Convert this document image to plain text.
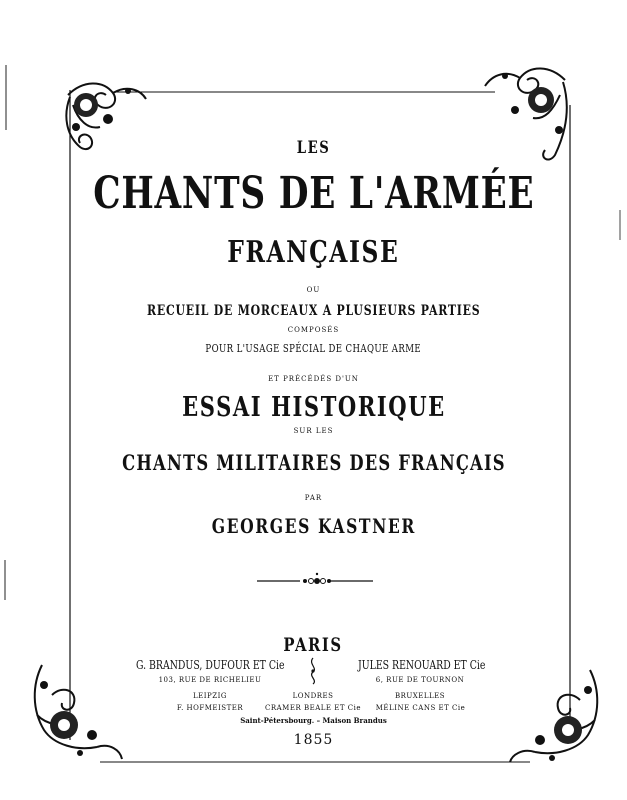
LES
CHANTS DE L'ARMÉE
FRANÇAISE
OU
RECUEIL DE MORCEAUX A PLUSIEURS PARTIES
COMPOSÉS
POUR L'USAGE SPÉCIAL DE CHAQUE ARME
ET PRÉCÉDÉS D'UN
ESSAI HISTORIQUE
SUR LES
CHANTS MILITAIRES DES FRANÇAIS
PAR
GEORGES KASTNER
PARIS
G. BRANDUS, DUFOUR ET Cie	JULES RENOUARD ET Cie
103, RUE DE RICHELIEU	6, RUE DE TOURNON
LEIPZIG	LONDRES	BRUXELLES
F. HOFMEISTER	CRAMER BEALE ET Cie	MÉLINE CANS ET Cie
Saint-Pétersbourg. – Maison Brandus
1855
